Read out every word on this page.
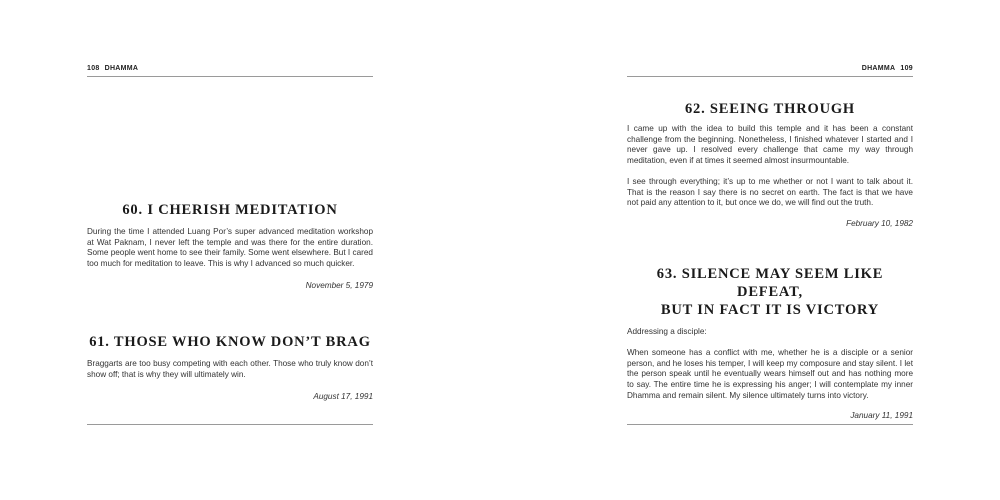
108 DHAMMA
60. I CHERISH MEDITATION
During the time I attended Luang Por’s super advanced meditation workshop at Wat Paknam, I never left the temple and was there for the entire duration. Some people went home to see their family. Some went elsewhere. But I cared too much for meditation to leave. This is why I advanced so much quicker.

November 5, 1979

61. THOSE WHO KNOW DON’T BRAG
Braggarts are too busy competing with each other. Those who truly know don’t show off; that is why they will ultimately win.

August 17, 1991

DHAMMA 109
62. SEEING THROUGH
I came up with the idea to build this temple and it has been a constant challenge from the beginning. Nonetheless, I finished whatever I started and I never gave up. I resolved every challenge that came my way through meditation, even if at times it seemed almost insurmountable.
I see through everything; it’s up to me whether or not I want to talk about it. That is the reason I say there is no secret on earth. The fact is that we have not paid any attention to it, but once we do, we will find out the truth.

February 10, 1982

63. SILENCE MAY SEEM LIKE DEFEAT,
BUT IN FACT IT IS VICTORY
Addressing a disciple:
When someone has a conflict with me, whether he is a disciple or a senior person, and he loses his temper, I will keep my composure and stay silent. I let the person speak until he eventually wears himself out and has nothing more to say. The entire time he is expressing his anger; I will contemplate my inner Dhamma and remain silent. My silence ultimately turns into victory.

January 11, 1991
